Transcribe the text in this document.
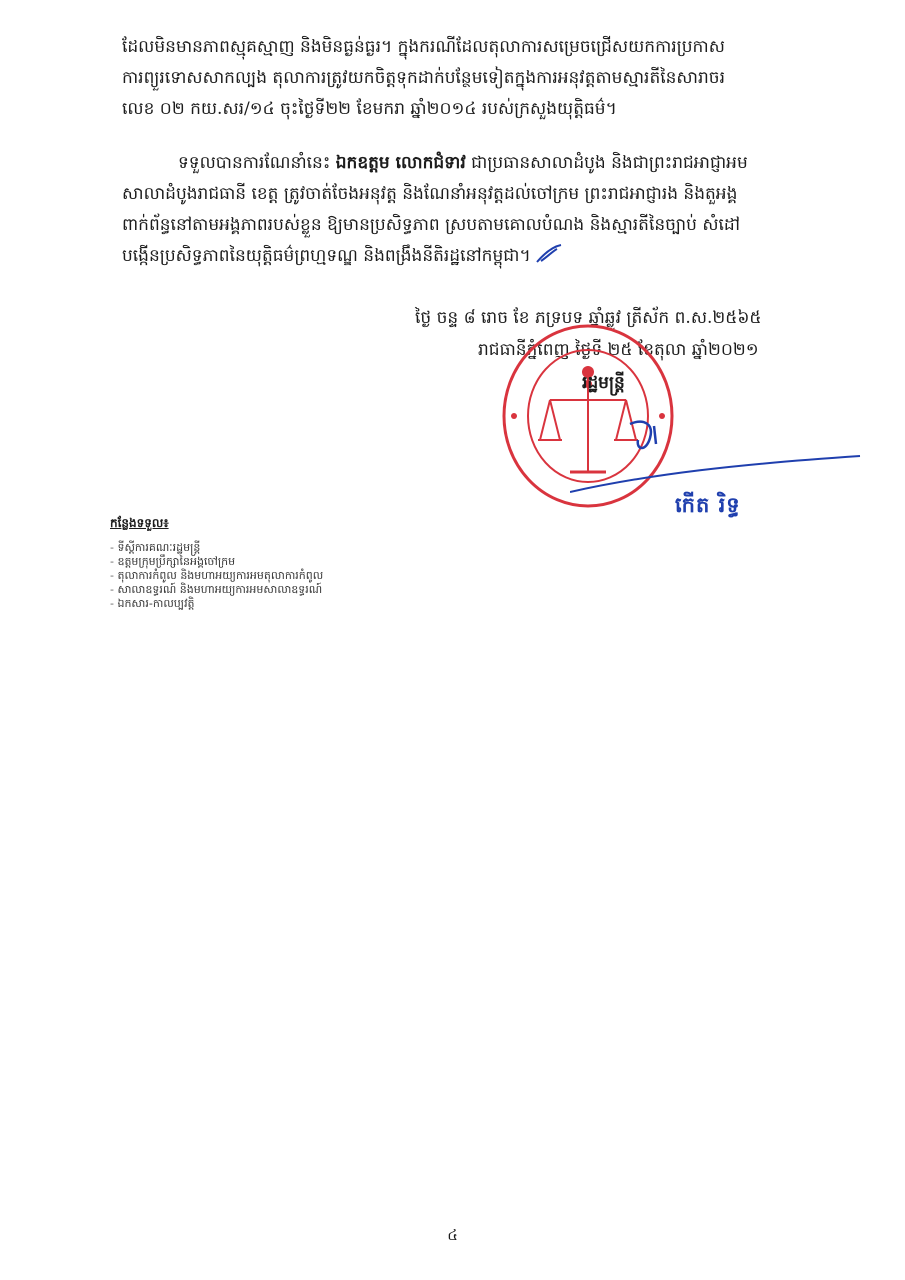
ដែលមិនមានភាពស្មុគស្មាញ និងមិនធ្ងន់ធ្ងរ។ ក្នុងករណីដែលតុលាការសម្រេចជ្រើសយកការប្រកាស
ការព្យួរទោសសាកល្បង តុលាការត្រូវយកចិត្តទុកដាក់បន្ថែមទៀតក្នុងការអនុវត្តតាមស្មារតីនៃសារាចរ
លេខ ០២ កយ.សរ/១៤ ចុះថ្ងៃទី២២ ខែមករា ឆ្នាំ២០១៤ របស់ក្រសួងយុត្តិធម៌។
ទទួលបានការណែនាំនេះ ឯកឧត្តម លោកជំទាវ ជាប្រធានសាលាដំបូង និងជាព្រះរាជអាជ្ញាអម
សាលាដំបូងរាជធានី ខេត្ត ត្រូវចាត់ចែងអនុវត្ត និងណែនាំអនុវត្តដល់ចៅក្រម ព្រះរាជអាជ្ញារង និងតួអង្គ
ពាក់ព័ន្ធនៅតាមអង្គភាពរបស់ខ្លួន ឱ្យមានប្រសិទ្ធភាព ស្របតាមគោលបំណង និងស្មារតីនៃច្បាប់ សំដៅ
បង្កើនប្រសិទ្ធភាពនៃយុត្តិធម៌ព្រហ្មទណ្ឌ និងពង្រឹងនីតិរដ្ឋនៅកម្ពុជា។
ថ្ងៃ ចន្ទ ៨ រោច ខែ ភទ្របទ ឆ្នាំឆ្លូវ ត្រីស័ក ព.ស.២៥៦៥
រាជធានីភ្នំពេញ ថ្ងៃទី ២៥ ខែតុលា ឆ្នាំ២០២១
រដ្ឋមន្ត្រី
កើត រិទ្ធ
កន្លែងទទួល៖
- ទីស្តីការគណៈរដ្ឋមន្ត្រី
- ឧត្តមក្រុមប្រឹក្សានៃអង្គចៅក្រម
- តុលាការកំពូល និងមហាអយ្យការអមតុលាការកំពូល
- សាលាឧទ្ធរណ៍ និងមហាអយ្យការអមសាលាឧទ្ធរណ៍
- ឯកសារ-កាលប្បវត្តិ
៤
